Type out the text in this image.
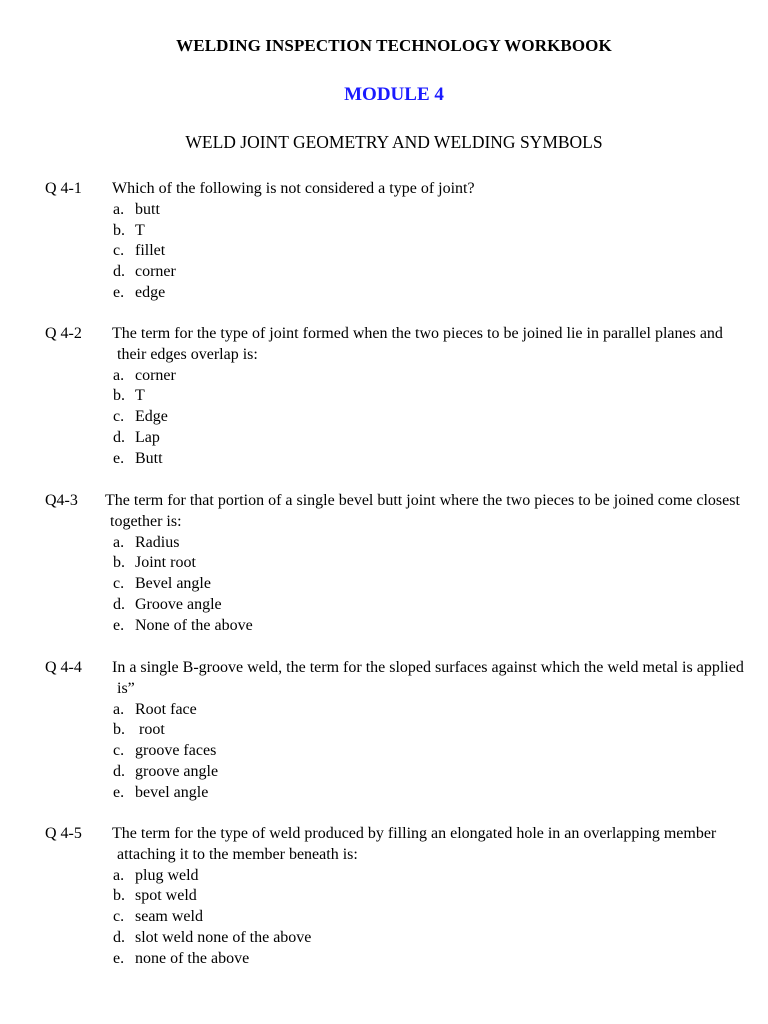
WELDING INSPECTION TECHNOLOGY WORKBOOK
MODULE 4
WELD JOINT GEOMETRY AND WELDING SYMBOLS
Q 4-1 Which of the following is not considered a type of joint?
a. butt
b. T
c. fillet
d. corner
e. edge
Q 4-2 The term for the type of joint formed when the two pieces to be joined lie in parallel planes and their edges overlap is:
a. corner
b. T
c. Edge
d. Lap
e. Butt
Q4-3 The term for that portion of a single bevel butt joint where the two pieces to be joined come closest together is:
a. Radius
b. Joint root
c. Bevel angle
d. Groove angle
e. None of the above
Q 4-4 In a single B-groove weld, the term for the sloped surfaces against which the weld metal is applied is”
a. Root face
b. root
c. groove faces
d. groove angle
e. bevel angle
Q 4-5 The term for the type of weld produced by filling an elongated hole in an overlapping member attaching it to the member beneath is:
a. plug weld
b. spot weld
c. seam weld
d. slot weld none of the above
e. none of the above
